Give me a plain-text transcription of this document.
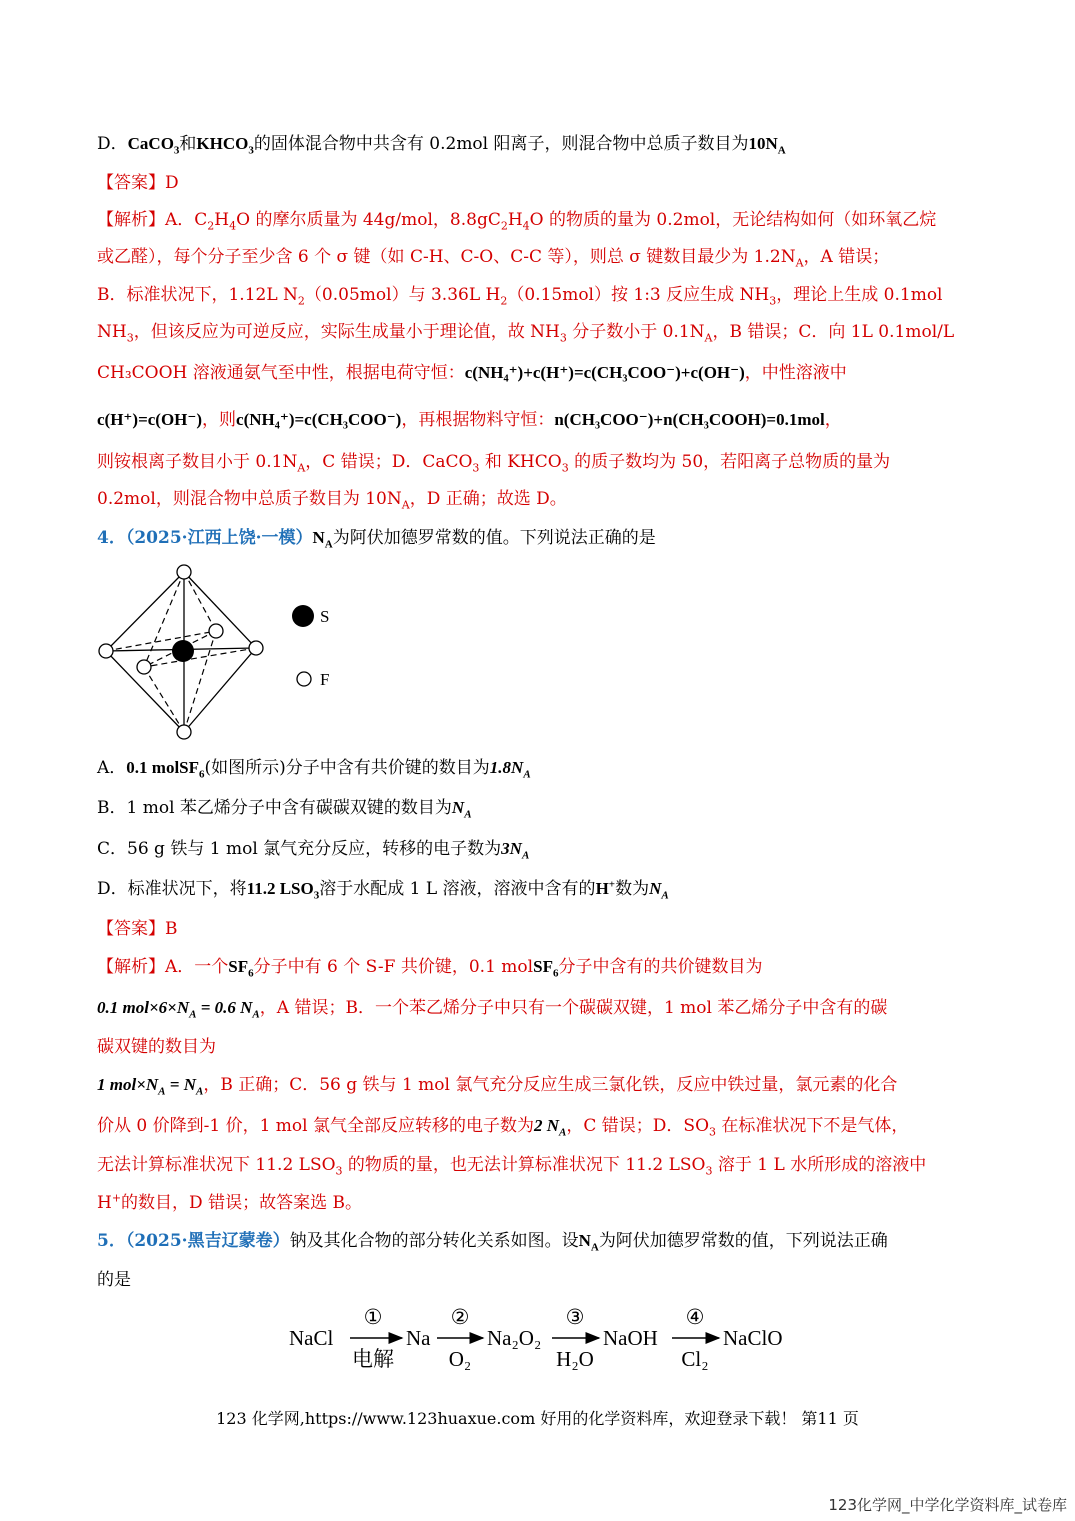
D．CaCO$_3$和$KHCO_3$的固体混合物中共含有 0.2mol 阳离子，则混合物中总质子数目为$10N_A$
【答案】D
【解析】A．$C_2H_4O$ 的摩尔质量为 44g/mol，$8.8gC_2H_4O$ 的物质的量为 0.2mol，无论结构如何（如环氧乙烷
或乙醛），每个分子至少含 6 个 σ 键（如 C-H、C-O、C-C 等），则总 σ 键数目最少为 $1.2N_A$，A 错误；
B．标准状况下，1.12L $N_2(0.05mol)$与 3.36L $H_2(0.15mol)$按 1:3 反应生成 $NH_3$，理论上生成 0.1mol
$NH_3$，但该反应为可逆反应，实际生成量小于理论值，故 $NH_3$ 分子数小于 $0.1N_A$，B 错误；C．向 1L 0.1mol/L
CH₃COOH 溶液通氨气至中性，根据电荷守恒：c(NH₄⁺)+c(H⁺)=c(CH₃COO⁻)+c(OH⁻)，中性溶液中
c(H⁺)=c(OH⁻)，则c(NH₄⁺)=c(CH₃COO⁻)，再根据物料守恒：n(CH₃COO⁻)+n(CH₃COOH)=0.1mol，
则铵根离子数目小于 $0.1N_A$，C 错误；D．CaCO$_3$ 和 $KHCO_3$ 的质子数均为 50，若阳离子总物质的量为
0.2mol，则混合物中总质子数目为 $10N_A$，D 正确；故选 D。
4．（2025·江西上饶·一模）$N_A$为阿伏加德罗常数的值。下列说法正确的是
S
F
A．0.1 molSF$_6$(如图所示)分子中含有共价键的数目为$1.8N_A$
B．1 mol 苯乙烯分子中含有碳碳双键的数目为$N_A$
C．56 g 铁与 1 mol 氯气充分反应，转移的电子数为$3N_A$
D．标准状况下，将11.2 $LSO_3$溶于水配成 1 L 溶液，溶液中含有的H+数为$N_A$
【答案】B
【解析】A．一个$SF_6$分子中有 6 个 S-F 共价键，0.1 molSF$_6$分子中含有的共价键数目为
0.1 $mol\times 6\times N_A = 0.6$ $N_A$，A 错误；B．一个苯乙烯分子中只有一个碳碳双键，1 mol 苯乙烯分子中含有的碳
碳双键的数目为
1 $mol\times N_A = N_A$，B 正确；C．56 g 铁与 1 mol 氯气充分反应生成三氯化铁，反应中铁过量，氯元素的化合
价从 0 价降到-1 价，1 mol 氯气全部反应转移的电子数为2 $N_A$，C 错误；D．$SO_3$ 在标准状况下不是气体，
无法计算标准状况下 11.2 $LSO_3$ 的物质的量，也无法计算标准状况下 11.2 $LSO_3$ 溶于 1 L 水所形成的溶液中
H+的数目，D 错误；故答案选 B。
5．（2025·黑吉辽蒙卷）钠及其化合物的部分转化关系如图。设$N_A$为阿伏加德罗常数的值，下列说法正确
的是
NaCl	Na	Na₂O₂	NaOH	NaClO
①	②	③	④
电解	O₂	H₂O	Cl₂
123 化学网,https://www.123huaxue.com 好用的化学资料库，欢迎登录下载！ 第11 页
123化学网_中学化学资料库_试卷库
